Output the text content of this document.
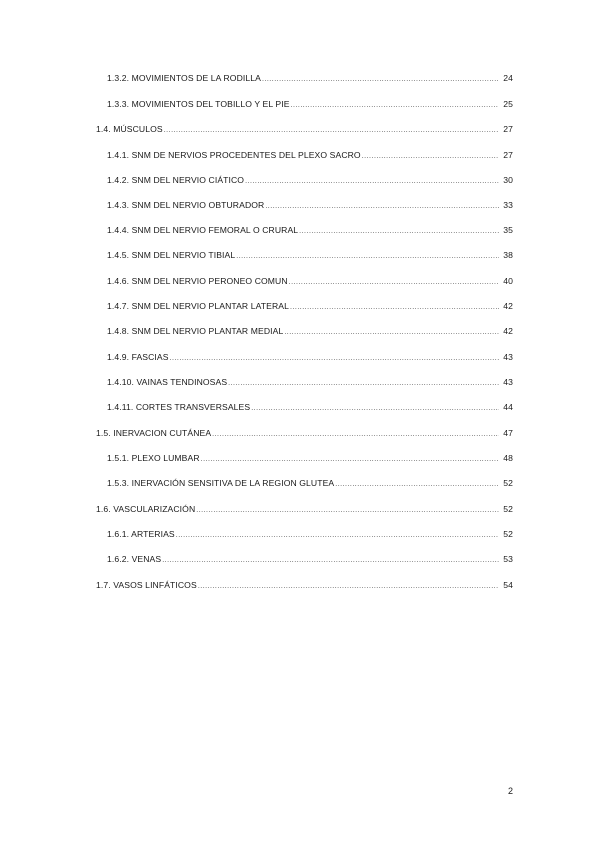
1.3.2. MOVIMIENTOS DE LA RODILLA .....	24
1.3.3. MOVIMIENTOS DEL TOBILLO Y EL PIE .....	25
1.4. MÚSCULOS .....	27
1.4.1. SNM DE NERVIOS PROCEDENTES DEL PLEXO SACRO .....	27
1.4.2. SNM DEL NERVIO CIÁTICO .....	30
1.4.3. SNM DEL NERVIO OBTURADOR .....	33
1.4.4. SNM DEL NERVIO FEMORAL O CRURAL .....	35
1.4.5. SNM DEL NERVIO TIBIAL .....	38
1.4.6. SNM DEL NERVIO PERONEO COMUN .....	40
1.4.7. SNM DEL NERVIO PLANTAR LATERAL .....	42
1.4.8. SNM DEL NERVIO PLANTAR MEDIAL .....	42
1.4.9. FASCIAS .....	43
1.4.10. VAINAS TENDINOSAS .....	43
1.4.11. CORTES TRANSVERSALES .....	44
1.5. INERVACION CUTÁNEA .....	47
1.5.1. PLEXO LUMBAR .....	48
1.5.3. INERVACIÓN SENSITIVA DE LA REGION GLUTEA .....	52
1.6. VASCULARIZACIÓN .....	52
1.6.1. ARTERIAS .....	52
1.6.2. VENAS .....	53
1.7. VASOS LINFÁTICOS .....	54
2
